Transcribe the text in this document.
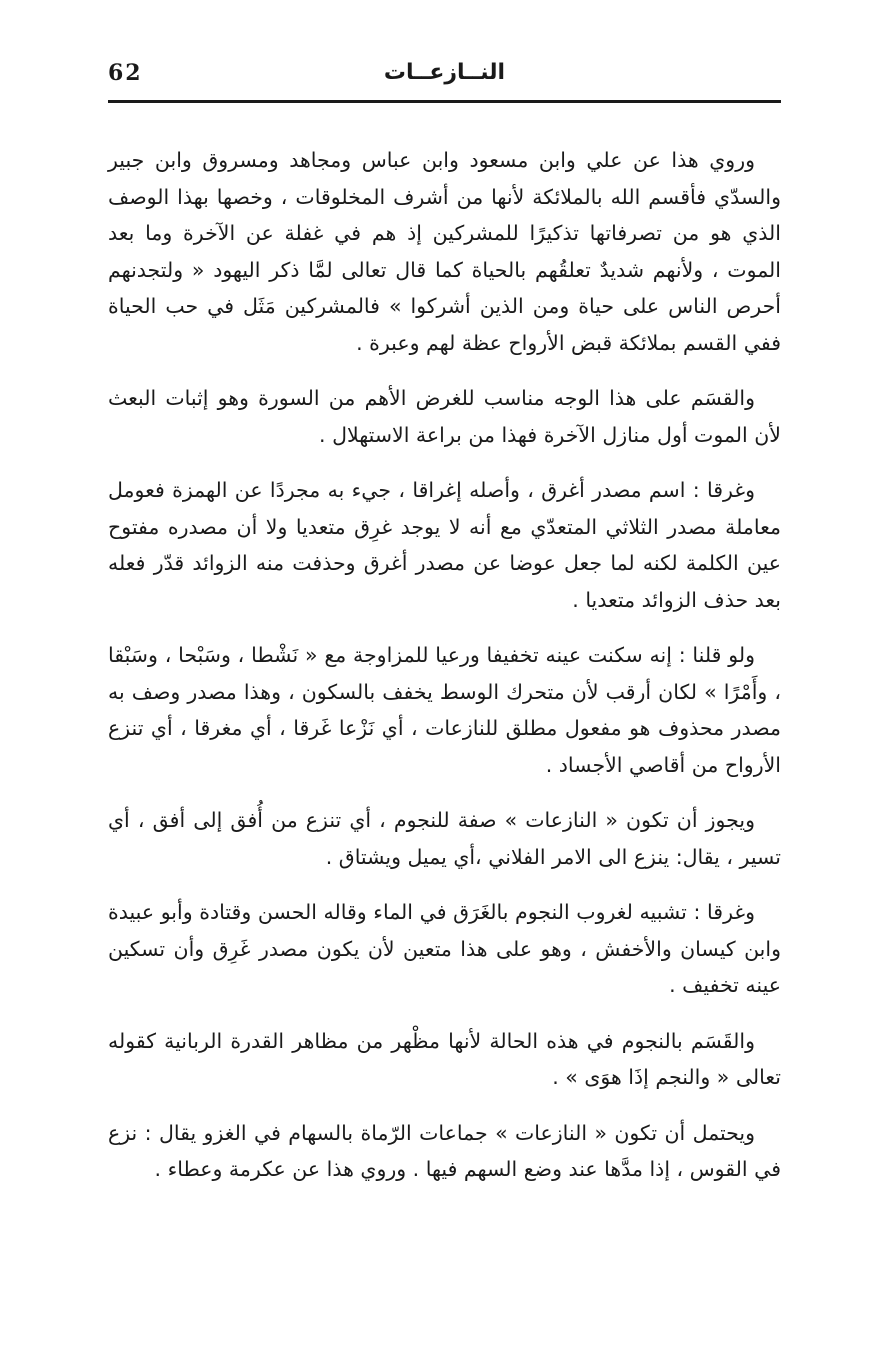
62	النــازعــات

وروي هذا عن علي وابن مسعود وابن عباس ومجاهد ومسروق وابن جبير والسدّي فأقسم الله بالملائكة لأنها من أشرف المخلوقات ، وخصها بهذا الوصف الذي هو من تصرفاتها تذكيرًا للمشركين إذ هم في غفلة عن الآخرة وما بعد الموت ، ولأنهم شديدٌ تعلقُهم بالحياة كما قال تعالى لمَّا ذكر اليهود « ولتجدنهم أحرص الناس على حياة ومن الذين أشركوا » فالمشركين مَثَل في حب الحياة ففي القسم بملائكة قبض الأرواح عظة لهم وعبرة .

والقسَم على هذا الوجه مناسب للغرض الأهم من السورة وهو إثبات البعث لأن الموت أول منازل الآخرة فهذا من براعة الاستهلال .

وغرقا : اسم مصدر أغرق ، وأصله إغراقا ، جيء به مجردًا عن الهمزة فعومل معاملة مصدر الثلاثي المتعدّي مع أنه لا يوجد غرِق متعديا ولا أن مصدره مفتوح عين الكلمة لكنه لما جعل عوضا عن مصدر أغرق وحذفت منه الزوائد قدّر فعله بعد حذف الزوائد متعديا .

ولو قلنا : إنه سكنت عينه تخفيفا ورعيا للمزاوجة مع « نَشْطا ، وسَبْحا ، وسَبْقا ، وأَمْرًا » لكان أرقب لأن متحرك الوسط يخفف بالسكون ، وهذا مصدر وصف به مصدر محذوف هو مفعول مطلق للنازعات ، أي نَزْعا غَرقا ، أي مغرقا ، أي تنزع الأرواح من أقاصي الأجساد .

ويجوز أن تكون « النازعات » صفة للنجوم ، أي تنزع من أُفق إلى أفق ، أي تسير ، يقال: ينزع الى الامر الفلاني ،أي يميل ويشتاق .

وغرقا : تشبيه لغروب النجوم بالغَرَق في الماء وقاله الحسن وقتادة وأبو عبيدة وابن كيسان والأخفش ، وهو على هذا متعين لأن يكون مصدر غَرِق وأن تسكين عينه تخفيف .

والقَسَم بالنجوم في هذه الحالة لأنها مظْهر من مظاهر القدرة الربانية كقوله تعالى « والنجم إذَا هوَى » .

ويحتمل أن تكون « النازعات » جماعات الرّماة بالسهام في الغزو يقال : نزع في القوس ، إذا مدَّها عند وضع السهم فيها . وروي هذا عن عكرمة وعطاء .
